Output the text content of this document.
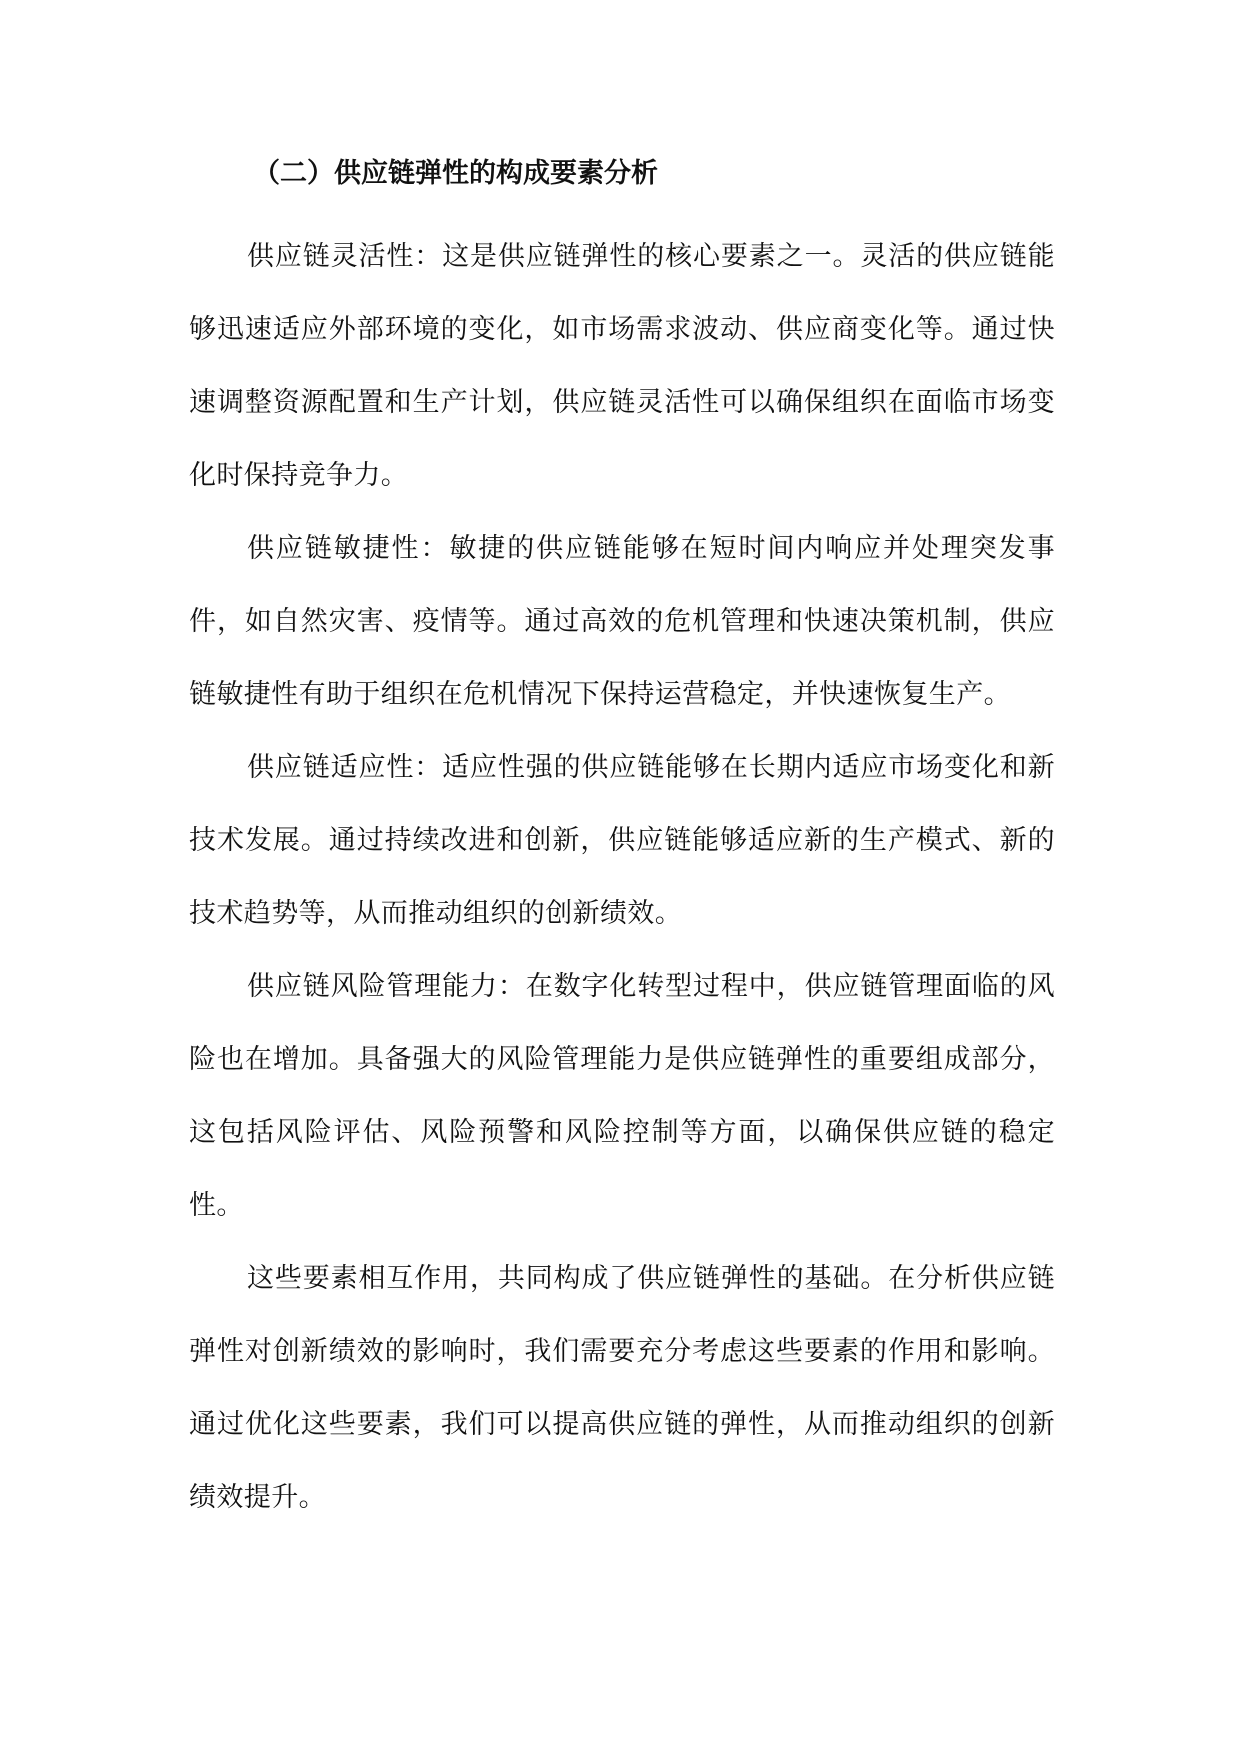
（二）供应链弹性的构成要素分析

供应链灵活性：这是供应链弹性的核心要素之一。灵活的供应链能够迅速适应外部环境的变化，如市场需求波动、供应商变化等。通过快速调整资源配置和生产计划，供应链灵活性可以确保组织在面临市场变化时保持竞争力。

供应链敏捷性：敏捷的供应链能够在短时间内响应并处理突发事件，如自然灾害、疫情等。通过高效的危机管理和快速决策机制，供应链敏捷性有助于组织在危机情况下保持运营稳定，并快速恢复生产。

供应链适应性：适应性强的供应链能够在长期内适应市场变化和新技术发展。通过持续改进和创新，供应链能够适应新的生产模式、新的技术趋势等，从而推动组织的创新绩效。

供应链风险管理能力：在数字化转型过程中，供应链管理面临的风险也在增加。具备强大的风险管理能力是供应链弹性的重要组成部分，这包括风险评估、风险预警和风险控制等方面，以确保供应链的稳定性。

这些要素相互作用，共同构成了供应链弹性的基础。在分析供应链弹性对创新绩效的影响时，我们需要充分考虑这些要素的作用和影响。通过优化这些要素，我们可以提高供应链的弹性，从而推动组织的创新绩效提升。
